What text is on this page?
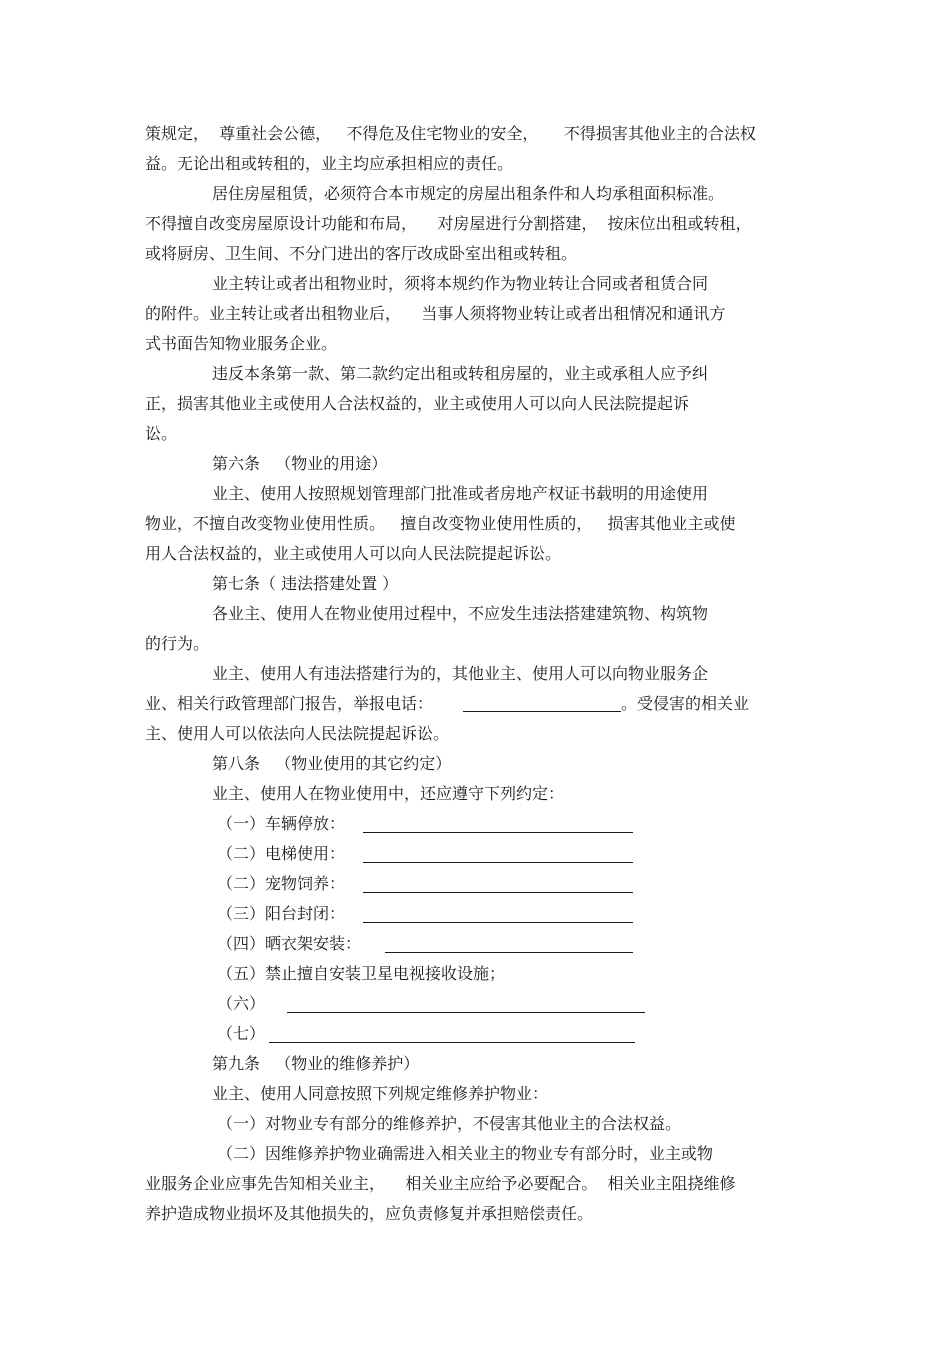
策规定，  尊重社会公德，   不得危及住宅物业的安全，     不得损害其他业主的合法权
益。无论出租或转租的，业主均应承担相应的责任。
居住房屋租赁，必须符合本市规定的房屋出租条件和人均承租面积标准。
不得擅自改变房屋原设计功能和布局，    对房屋进行分割搭建，  按床位出租或转租，
或将厨房、卫生间、不分门进出的客厅改成卧室出租或转租。
业主转让或者出租物业时，须将本规约作为物业转让合同或者租赁合同
的附件。业主转让或者出租物业后，    当事人须将物业转让或者出租情况和通讯方
式书面告知物业服务企业。
违反本条第一款、第二款约定出租或转租房屋的，业主或承租人应予纠
正，损害其他业主或使用人合法权益的，业主或使用人可以向人民法院提起诉
讼。
第六条   （物业的用途）
业主、使用人按照规划管理部门批准或者房地产权证书载明的用途使用
物业，不擅自改变物业使用性质。   擅自改变物业使用性质的，   损害其他业主或使
用人合法权益的，业主或使用人可以向人民法院提起诉讼。
第七条（ 违法搭建处置 ）
各业主、使用人在物业使用过程中，不应发生违法搭建建筑物、构筑物
的行为。
业主、使用人有违法搭建行为的，其他业主、使用人可以向物业服务企
业、相关行政管理部门报告，举报电话：	。受侵害的相关业
主、使用人可以依法向人民法院提起诉讼。
第八条   （物业使用的其它约定）
业主、使用人在物业使用中，还应遵守下列约定：
（一）车辆停放：
（二）电梯使用：
（二）宠物饲养：
（三）阳台封闭：
（四）晒衣架安装：
（五）禁止擅自安装卫星电视接收设施；
（六）
（七）
第九条   （物业的维修养护）
业主、使用人同意按照下列规定维修养护物业：
（一）对物业专有部分的维修养护，不侵害其他业主的合法权益。
（二）因维修养护物业确需进入相关业主的物业专有部分时，业主或物
业服务企业应事先告知相关业主，    相关业主应给予必要配合。  相关业主阻挠维修
养护造成物业损坏及其他损失的，应负责修复并承担赔偿责任。
